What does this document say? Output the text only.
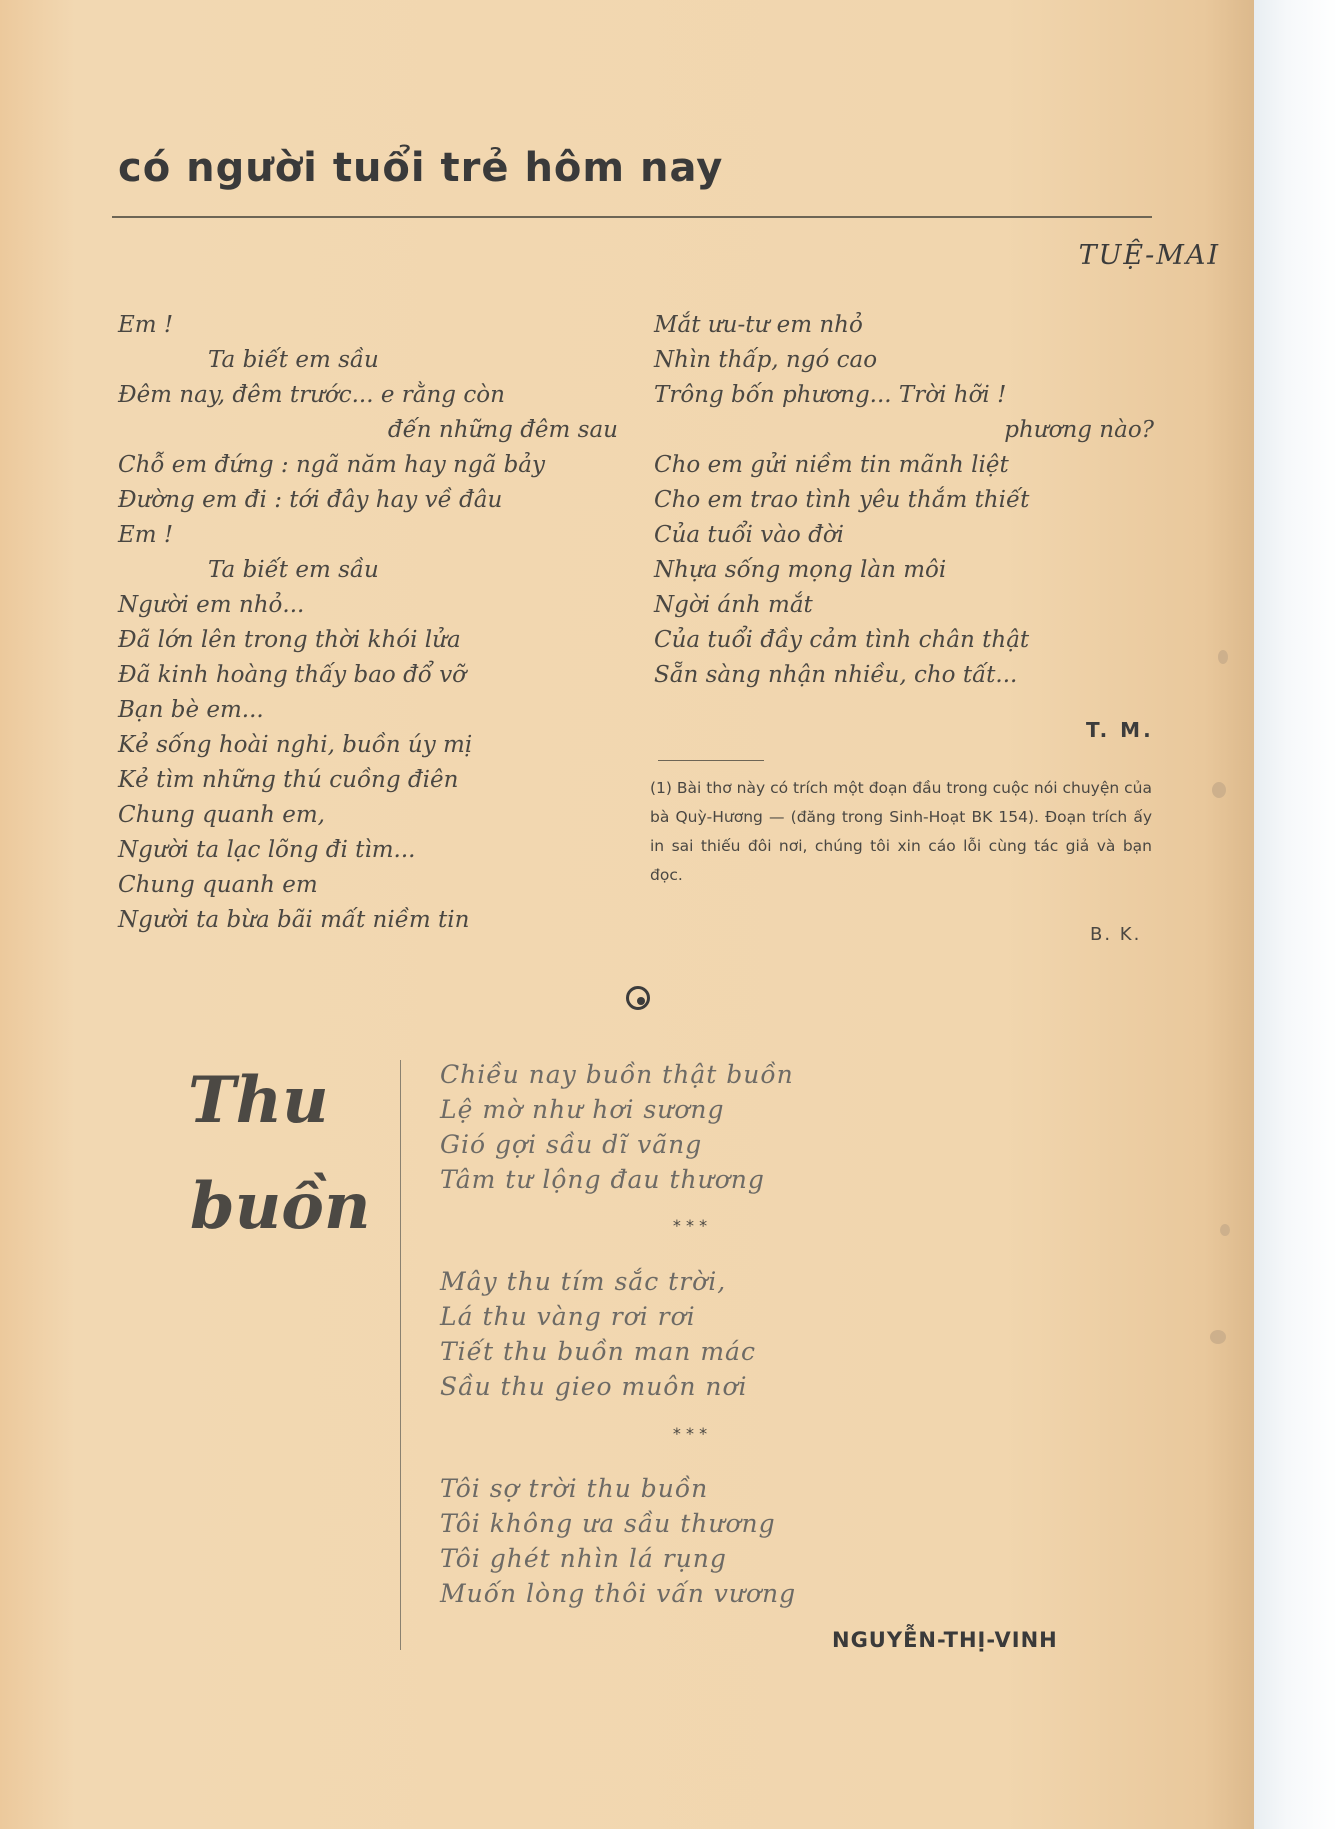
có người tuổi trẻ hôm nay
TUỆ-MAI
Em !
Ta biết em sầu
Đêm nay, đêm trước... e rằng còn
đến những đêm sau
Chỗ em đứng : ngã năm hay ngã bảy
Đường em đi : tới đây hay về đâu
Em !
Ta biết em sầu
Người em nhỏ...
Đã lớn lên trong thời khói lửa
Đã kinh hoàng thấy bao đổ vỡ
Bạn bè em...
Kẻ sống hoài nghi, buồn úy mị
Kẻ tìm những thú cuồng điên
Chung quanh em,
Người ta lạc lõng đi tìm...
Chung quanh em
Người ta bừa bãi mất niềm tin
Mắt ưu-tư em nhỏ
Nhìn thấp, ngó cao
Trông bốn phương... Trời hỡi !
phương nào?
Cho em gửi niềm tin mãnh liệt
Cho em trao tình yêu thắm thiết
Của tuổi vào đời
Nhựa sống mọng làn môi
Ngời ánh mắt
Của tuổi đầy cảm tình chân thật
Sẵn sàng nhận nhiều, cho tất...
T. M.

(1) Bài thơ này có trích một đoạn đầu trong cuộc nói chuyện của bà Quỳ-Hương — (đăng trong Sinh-Hoạt BK 154). Đoạn trích ấy in sai thiếu đôi nơi, chúng tôi xin cáo lỗi cùng tác giả và bạn đọc.

B. K.
Thu
buồn
Chiều nay buồn thật buồn
Lệ mờ như hơi sương
Gió gợi sầu dĩ vãng
Tâm tư lộng đau thương
Mây thu tím sắc trời,
Lá thu vàng rơi rơi
Tiết thu buồn man mác
Sầu thu gieo muôn nơi
Tôi sợ trời thu buồn
Tôi không ưa sầu thương
Tôi ghét nhìn lá rụng
Muốn lòng thôi vấn vương
* * *
* * *
NGUYỄN-THỊ-VINH
